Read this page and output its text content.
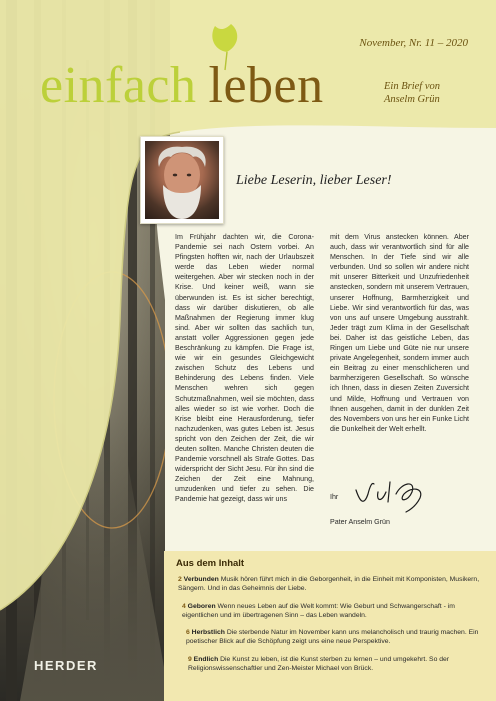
November, Nr. 11 – 2020
einfach leben	Ein Brief von
Anselm Grün
Liebe Leserin, lieber Leser!
Im Frühjahr dachten wir, die Corona-Pandemie sei nach Ostern vorbei. An Pfingsten hofften wir, nach der Urlaubszeit werde das Leben wieder normal weitergehen. Aber wir stecken noch in der Krise. Und keiner weiß, wann sie überwunden ist. Es ist sicher berechtigt, dass wir darüber diskutieren, ob alle Maßnahmen der Regierung immer klug sind. Aber wir sollten das sachlich tun, anstatt voller Aggressionen gegen jede Beschränkung zu kämpfen. Die Frage ist, wie wir ein gesundes Gleichgewicht zwischen Schutz des Lebens und Behinderung des Lebens finden. Viele Menschen wehren sich gegen Schutzmaßnahmen, weil sie möchten, dass alles wieder so ist wie vorher. Doch die Krise bleibt eine Herausforderung, tiefer nachzudenken, was gutes Leben ist. Jesus spricht von den Zeichen der Zeit, die wir deuten sollten. Manche Christen deuten die Pandemie vorschnell als Strafe Gottes. Das widerspricht der Sicht Jesu. Für ihn sind die Zeichen der Zeit eine Mahnung, umzudenken und tiefer zu sehen. Die Pandemie hat gezeigt, dass wir uns
mit dem Virus anstecken können. Aber auch, dass wir verantwortlich sind für alle Menschen. In der Tiefe sind wir alle verbunden. Und so sollen wir andere nicht mit unserer Bitterkeit und Unzufriedenheit anstecken, sondern mit unserem Vertrauen, unserer Hoffnung, Barmherzigkeit und Liebe. Wir sind verantwortlich für das, was von uns auf unsere Umgebung ausstrahlt. Jeder trägt zum Klima in der Gesellschaft bei. Daher ist das geistliche Leben, das Ringen um Liebe und Güte nie nur unsere private Angelegenheit, sondern immer auch ein Beitrag zu einer menschlicheren und barmherzigeren Gesellschaft. So wünsche ich Ihnen, dass in diesen Zeiten Zuversicht und Milde, Hoffnung und Vertrauen von Ihnen ausgehen, damit in der dunklen Zeit des Novembers von uns her ein Funke Licht die Dunkelheit der Welt erhellt.
Ihr
Pater Anselm Grün
Aus dem Inhalt
2 Verbunden Musik hören führt mich in die Geborgenheit, in die Einheit mit Komponisten, Musikern, Sängern. Und in das Geheimnis der Liebe.
4 Geboren Wenn neues Leben auf die Welt kommt: Wie Geburt und Schwangerschaft - im eigentlichen und im übertragenen Sinn – das Leben wandeln.
6 Herbstlich Die sterbende Natur im November kann uns melancholisch und traurig machen. Ein poetischer Blick auf die Schöpfung zeigt uns eine neue Perspektive.
9 Endlich Die Kunst zu leben, ist die Kunst sterben zu lernen – und umgekehrt. So der Religionswissenschaftler und Zen-Meister Michael von Brück.
HERDER
